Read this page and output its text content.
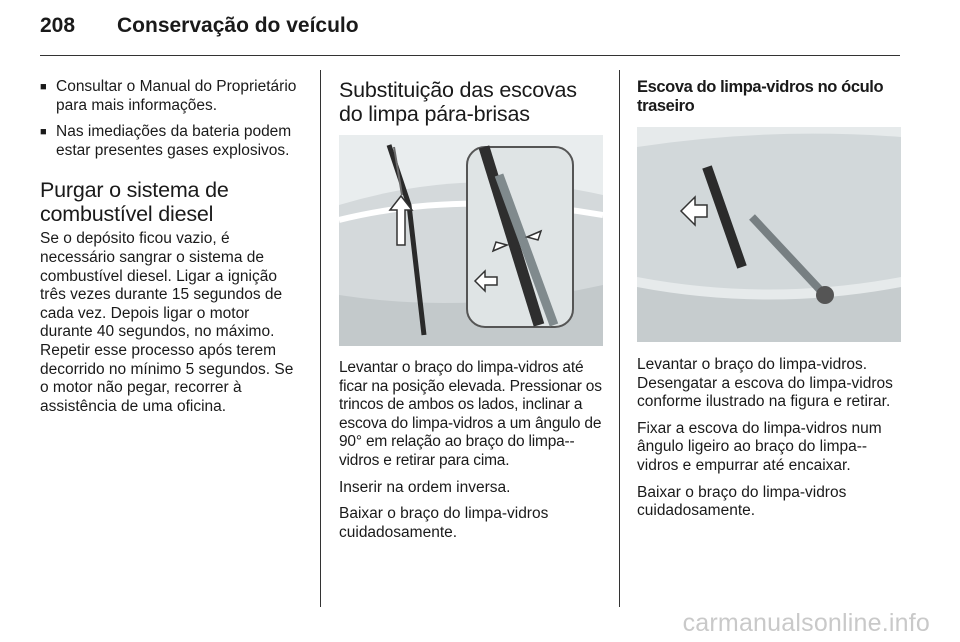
208	Conservação do veículo
■ Consultar o Manual do Proprietário para mais informações.
■ Nas imediações da bateria podem estar presentes gases explosivos.
Purgar o sistema de combustível diesel

Se o depósito ficou vazio, é necessário sangrar o sistema de combustível diesel. Ligar a ignição três vezes durante 15 segundos de cada vez. Depois ligar o motor durante 40 segundos, no máximo. Repetir esse processo após terem decorrido no mínimo 5 segundos. Se o motor não pegar, recorrer à assistência de uma oficina.

Substituição das escovas do limpa pára-brisas

Levantar o braço do limpa-vidros até ficar na posição elevada. Pressionar os trincos de ambos os lados, inclinar a escova do limpa-vidros a um ângulo de 90° em relação ao braço do limpa--vidros e retirar para cima.

Inserir na ordem inversa.

Baixar o braço do limpa-vidros cuidadosamente.

Escova do limpa-vidros no óculo traseiro

Levantar o braço do limpa-vidros. Desengatar a escova do limpa-vidros conforme ilustrado na figura e retirar.

Fixar a escova do limpa-vidros num ângulo ligeiro ao braço do limpa--vidros e empurrar até encaixar.

Baixar o braço do limpa-vidros cuidadosamente.

carmanualsonline.info
